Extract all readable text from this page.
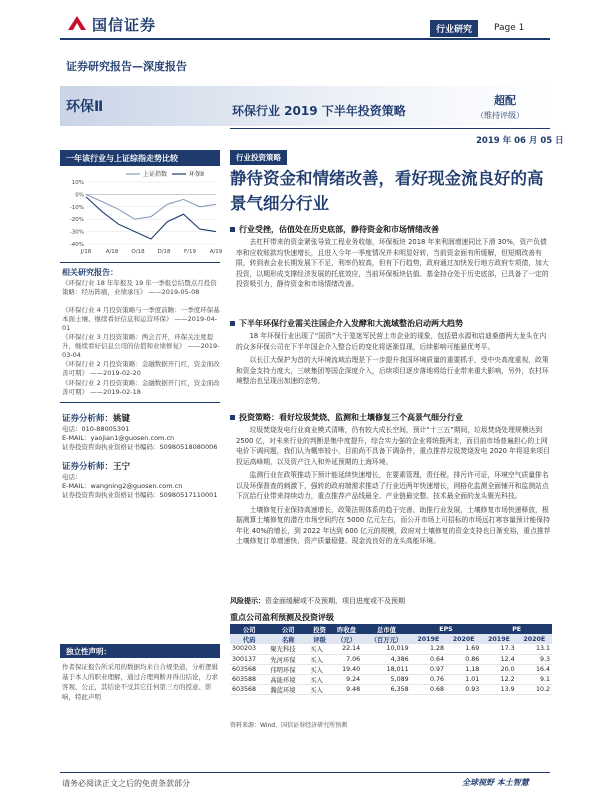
国信证券	行业研究	Page 1
证券研究报告—深度报告
环保Ⅱ	环保行业 2019 下半年投资策略
超配
（维持评级）
2019 年 06 月 05 日
一年该行业与上证综指走势比较
10%
0%
-10%
-20%
-30%
-40%
J/18	A/18 O/18 D/18 F/19 A/19
上证指数	环保Ⅱ
相关研究报告：
《环保行业 18 年年报及 19 年一季报总结暨点月投资策略：经历阵痛，业绩承压》 ——2019-05-08
《环保行业 4 月投资策略与一季度前瞻：一季度环保基本面土壤、继续看好信息和运营环保》 ——2019-04-01
《环保行业 3 月投资策略：两会召开，环保关注度提升，继续看好信息公司的估值和业绩修复》 ——2019-03-04
《环保行业 2 月投资策略：金融数据开门红，资金面改善可期》 ——2019-02-20
《环保行业 2 月投资策略：金融数据开门红，资金面改善可期》 ——2019-02-18
证券分析师：姚键
电话：010-88005301
E-MAIL：yaojian1@guosen.com.cn
证券投资咨询执业资格证书编码：S0980518080006
证券分析师：王宁
电话：
E-MAIL：wangning2@guosen.com.cn
证券投资咨询执业资格证书编码：S0980517110001
独立性声明：
作者保证报告所采用的数据均来自合规渠道，分析逻辑基于本人的职业理解，通过合理判断并得出结论，力求客观、公正，其结论不受其它任何第三方的授意、影响，特此声明
行业投资策略
静待资金和情绪改善，看好现金流良好的高景气细分行业
行业受挫，估值处在历史底部，静待资金和市场情绪改善
去杠杆带来的资金紧张导致工程业务收缩，环保板块 2018 年来利润增速同比下滑 30%，资产负债率和应收账款均快速增长，且进入今年一季度情况并未明显好转，当前资金面有所缓解，但短期改善有限，转到表会业长期发展下不足，利率仍较高，但有下行趋势，政府通过加快发行地方政府专项债，加大投资，以期形成支撑经济发展的托底效应，当前环保板块估值、基金持仓处于历史底部，已具备了一定的投资吸引力，静待资金和市场情绪改善。
下半年环保行业需关注国企介入发酵和大流域整治启动两大趋势
18 年环保行业出现了“国资”大于笼迷军民营上市企业的现象，包括碧水源和启迪桑德两大龙头在内的众多环保公司在下半年国企介入整合后的变化将逐渐显现，后续影响可能悬优考平。
以长江大保护为首的大环境流域治理是下一步提升我国环境质量的重要抓手，受中央高度重视，政策和资金支持力度大，三峡集团等国企深度介入，后续项目逐步落地将给行业带来重大影响，另外，农村环境整治也呈现出加速的态势。
投资策略：看好垃圾焚烧、监测和土壤修复三个高景气细分行业
垃圾焚烧发电行业商业模式清晰，仍有较大成长空间，预计“十三五”期间，垃圾焚烧处理规模达到 2500 亿，对未来行业的判断是集中度提升，综合实力强的企业将统揽两北，而目前市场普遍担心的上网电价下调问题，我们认为概率较小，目前尚不具备下调条件，重点推荐垃圾焚烧发电 2020 年将迎来项目投运高峰期，以及资产注入和外延预期的上海环境。
监测行业在政策推动下预计能延续快速增长，在要素管理，责任税，排污许可证，环境空气质量排名以及环保督查的刺激下，强转的政府端需求推动了行业近两年快速增长，网格化监测全面铺开和监测站点下沉给行业带来持续动力，重点推荐产品线最全、产业链最完整、技术最全面的龙头聚光科技。
土壤修复行业保持高速增长，政策法规体系的趋于完善，助推行业发展，土壤修复市场快速释放，根据测算土壤修复的潜在市场空间约在 5000 亿元左右，而公开市场上可招标的市场远打寒容量预计能保持年化 40%的增长，到 2022 年达到 600 亿元的规模，政府对土壤修复的资金支持也日渐充裕，重点推荐土壤修复订单增速快、资产质量稳健、现金流良好的龙头高能环境。
风险提示：资金面缓解或不及预期，项目进度或不及预期
重点公司盈利预测及投资评级
公司	公司	投资	昨收盘	总市值	EPS		PE	
代码	名称	评级	（元）	（百万元）	2019E	2020E	2019E	2020E
300203	聚光科技	买入	22.14	10,019	1.28	1.69	17.3	13.1
300137	先河环保	买入	7.06	4,386	0.64	0.86	12.4	9.3
603568	伟明环保	买入	19.40	18,011	0.97	1.18	20.0	16.4
603588	高能环境	买入	9.24	5,089	0.76	1.01	12.2	9.1
603568	瀚蓝环境	买入	9.48	6,358	0.68	0.93	13.9	10.2
资料来源：Wind、国信证券经济研究所预测
请务必阅读正文之后的免责条款部分	全球视野 本土智慧
